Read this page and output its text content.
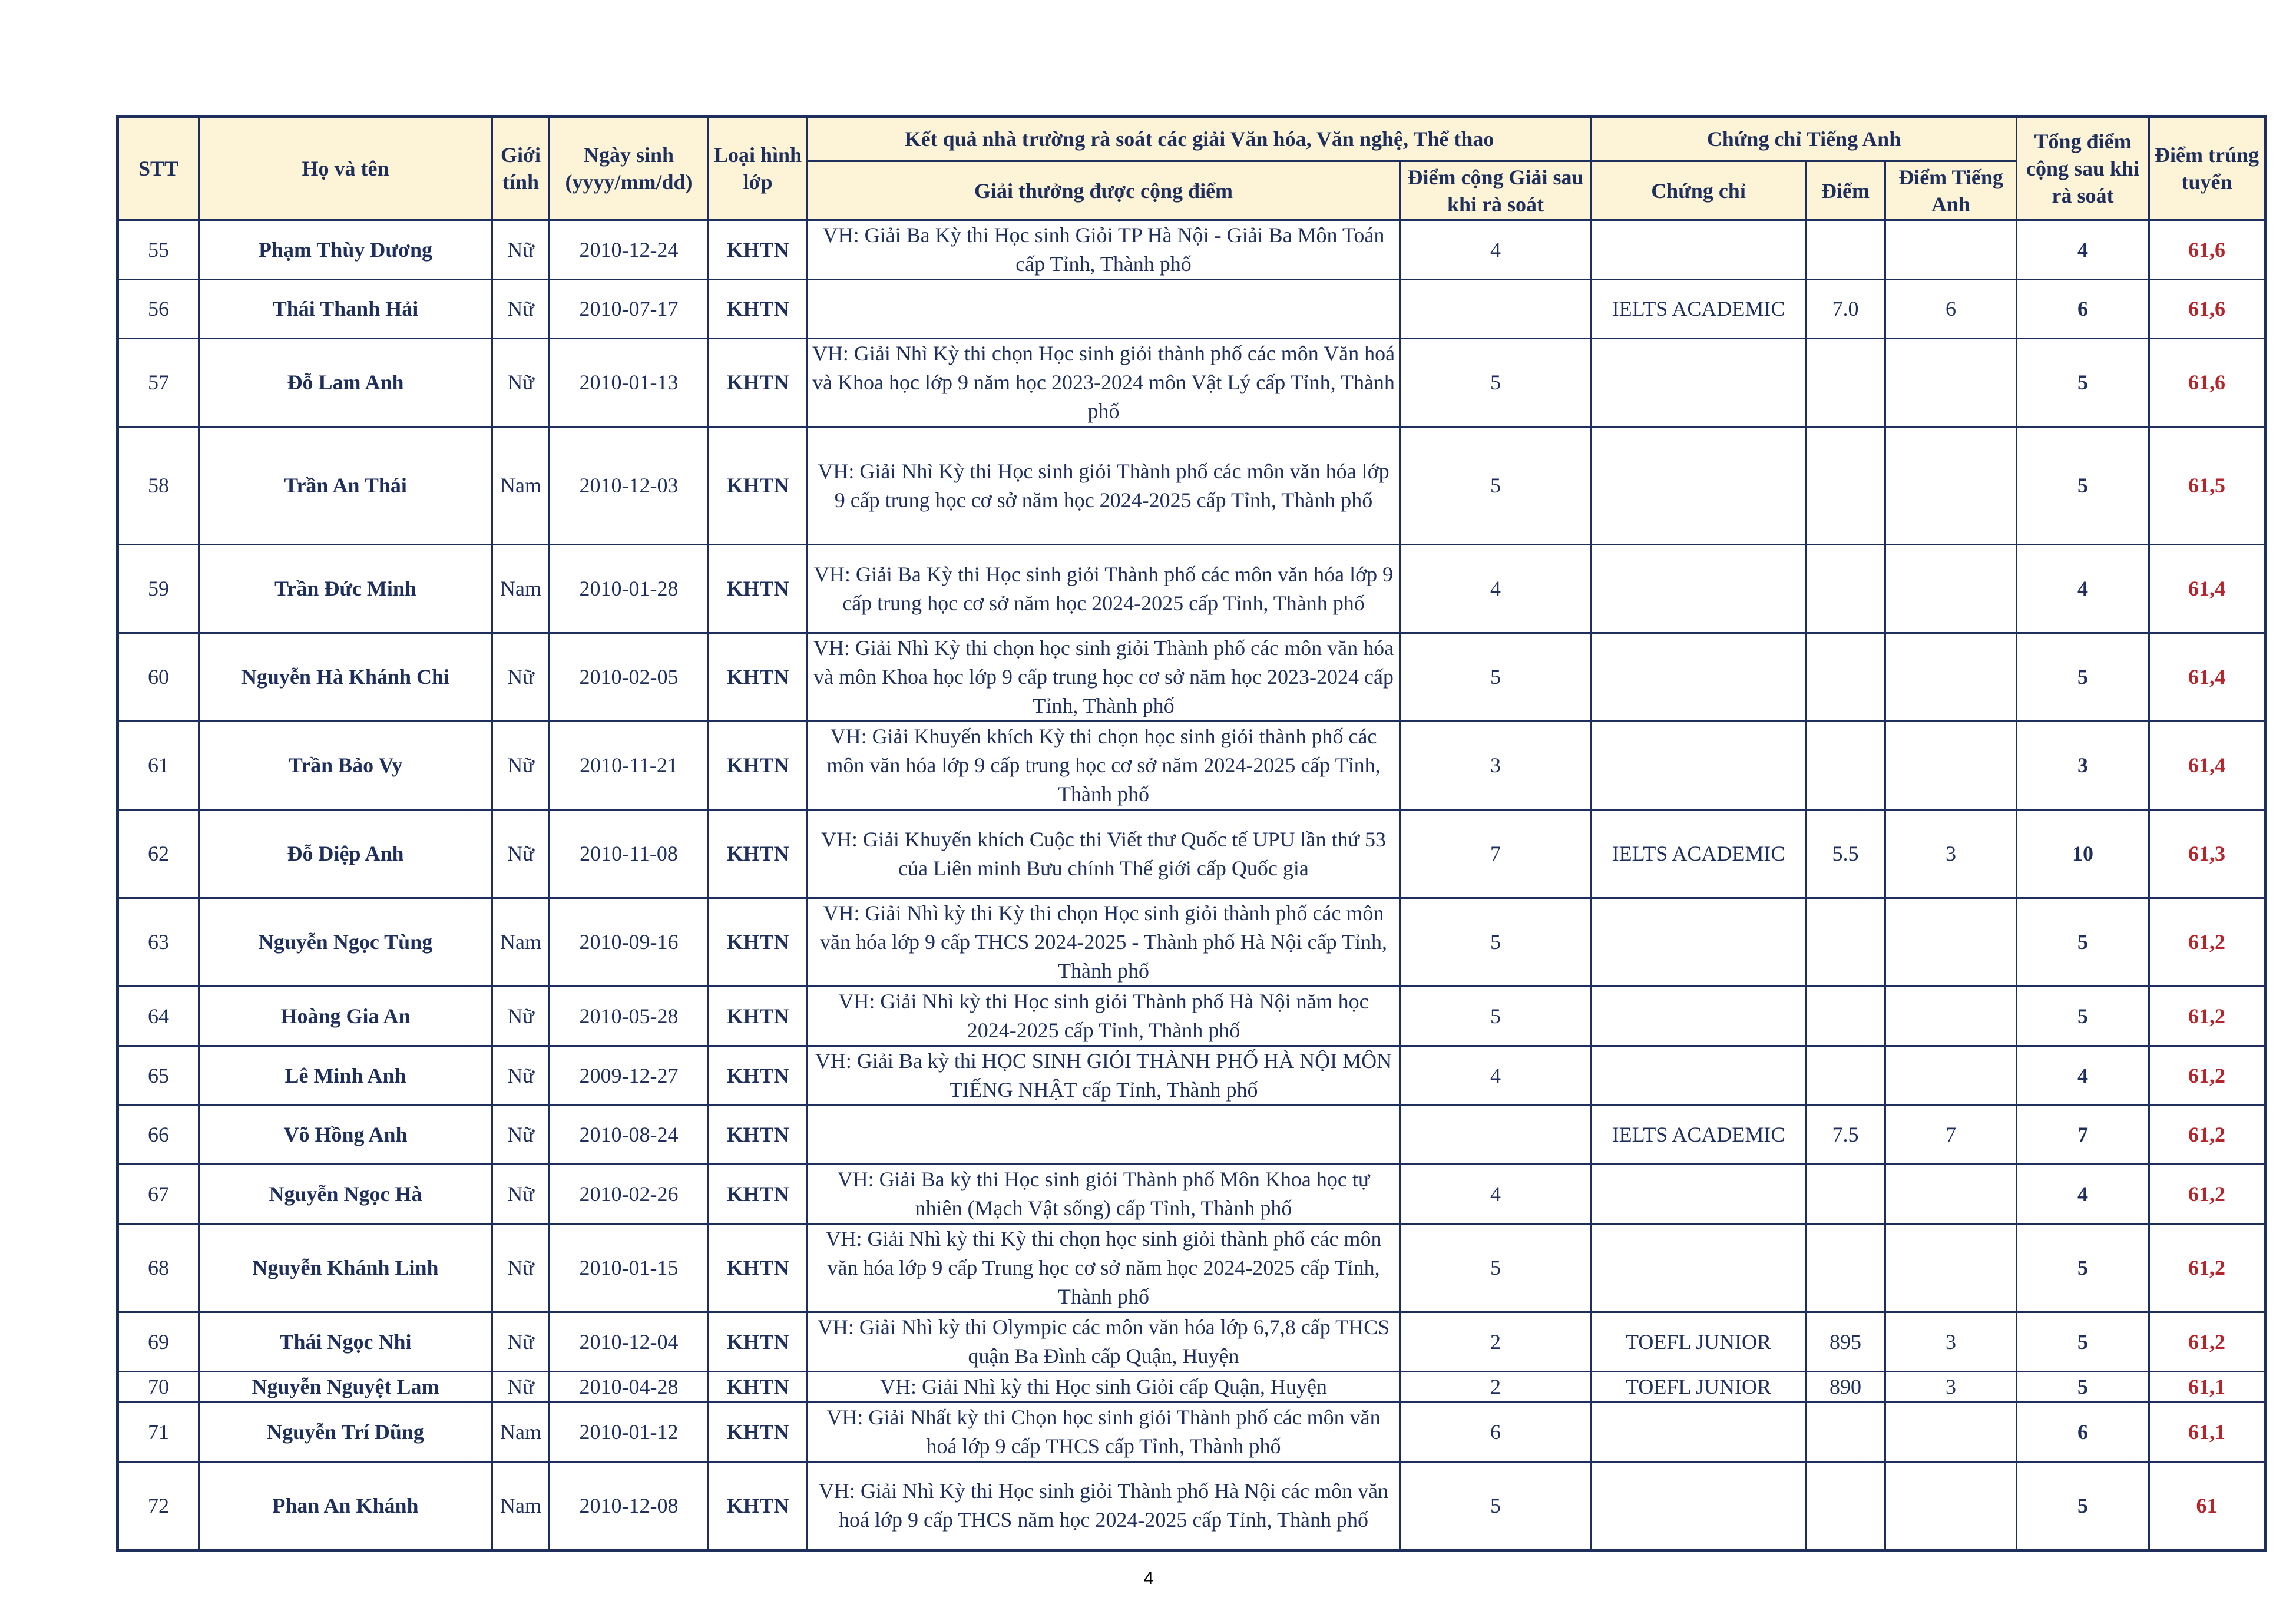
STT	Họ và tên	Giới tính	Ngày sinh (yyyy/mm/dd)	Loại hình lớp	Kết quả nhà trường rà soát các giải Văn hóa, Văn nghệ, Thể thao		Chứng chỉ Tiếng Anh			Tổng điểm cộng sau khi rà soát	Điểm trúng tuyển
					Giải thưởng được cộng điểm	Điểm cộng Giải sau khi rà soát	Chứng chỉ	Điểm	Điểm Tiếng Anh		
55	Phạm Thùy Dương	Nữ	2010-12-24	KHTN	VH: Giải Ba Kỳ thi Học sinh Giỏi TP Hà Nội - Giải Ba Môn Toán cấp Tỉnh, Thành phố	4				4	61,6
56	Thái Thanh Hải	Nữ	2010-07-17	KHTN			IELTS ACADEMIC	7.0	6	6	61,6
57	Đỗ Lam Anh	Nữ	2010-01-13	KHTN	VH: Giải Nhì Kỳ thi chọn Học sinh giỏi thành phố các môn Văn hoá và Khoa học lớp 9 năm học 2023-2024 môn Vật Lý cấp Tỉnh, Thành phố	5				5	61,6
58	Trần An Thái	Nam	2010-12-03	KHTN	VH: Giải Nhì Kỳ thi Học sinh giỏi Thành phố các môn văn hóa lớp 9 cấp trung học cơ sở năm học 2024-2025 cấp Tỉnh, Thành phố	5				5	61,5
59	Trần Đức Minh	Nam	2010-01-28	KHTN	VH: Giải Ba Kỳ thi Học sinh giỏi Thành phố các môn văn hóa lớp 9 cấp trung học cơ sở năm học 2024-2025 cấp Tỉnh, Thành phố	4				4	61,4
60	Nguyễn Hà Khánh Chi	Nữ	2010-02-05	KHTN	VH: Giải Nhì Kỳ thi chọn học sinh giỏi Thành phố các môn văn hóa và môn Khoa học lớp 9 cấp trung học cơ sở năm học 2023-2024 cấp Tỉnh, Thành phố	5				5	61,4
61	Trần Bảo Vy	Nữ	2010-11-21	KHTN	VH: Giải Khuyến khích Kỳ thi chọn học sinh giỏi thành phố các môn văn hóa lớp 9 cấp trung học cơ sở năm 2024-2025 cấp Tỉnh, Thành phố	3				3	61,4
62	Đỗ Diệp Anh	Nữ	2010-11-08	KHTN	VH: Giải Khuyến khích Cuộc thi Viết thư Quốc tế UPU lần thứ 53 của Liên minh Bưu chính Thế giới cấp Quốc gia	7	IELTS ACADEMIC	5.5	3	10	61,3
63	Nguyễn Ngọc Tùng	Nam	2010-09-16	KHTN	VH: Giải Nhì kỳ thi Kỳ thi chọn Học sinh giỏi thành phố các môn văn hóa lớp 9 cấp THCS 2024-2025 - Thành phố Hà Nội cấp Tỉnh, Thành phố	5				5	61,2
64	Hoàng Gia An	Nữ	2010-05-28	KHTN	VH: Giải Nhì kỳ thi Học sinh giỏi Thành phố Hà Nội năm học 2024-2025 cấp Tỉnh, Thành phố	5				5	61,2
65	Lê Minh Anh	Nữ	2009-12-27	KHTN	VH: Giải Ba kỳ thi HỌC SINH GIỎI THÀNH PHỐ HÀ NỘI MÔN TIẾNG NHẬT cấp Tỉnh, Thành phố	4				4	61,2
66	Võ Hồng Anh	Nữ	2010-08-24	KHTN			IELTS ACADEMIC	7.5	7	7	61,2
67	Nguyễn Ngọc Hà	Nữ	2010-02-26	KHTN	VH: Giải Ba kỳ thi Học sinh giỏi Thành phố Môn Khoa học tự nhiên (Mạch Vật sống) cấp Tỉnh, Thành phố	4				4	61,2
68	Nguyễn Khánh Linh	Nữ	2010-01-15	KHTN	VH: Giải Nhì kỳ thi Kỳ thi chọn học sinh giỏi thành phố các môn văn hóa lớp 9 cấp Trung học cơ sở năm học 2024-2025 cấp Tỉnh, Thành phố	5				5	61,2
69	Thái Ngọc Nhi	Nữ	2010-12-04	KHTN	VH: Giải Nhì kỳ thi Olympic các môn văn hóa lớp 6,7,8 cấp THCS quận Ba Đình cấp Quận, Huyện	2	TOEFL JUNIOR	895	3	5	61,2
70	Nguyễn Nguyệt Lam	Nữ	2010-04-28	KHTN	VH: Giải Nhì kỳ thi Học sinh Giỏi cấp Quận, Huyện	2	TOEFL JUNIOR	890	3	5	61,1
71	Nguyễn Trí Dũng	Nam	2010-01-12	KHTN	VH: Giải Nhất kỳ thi Chọn học sinh giỏi Thành phố các môn văn hoá lớp 9 cấp THCS cấp Tỉnh, Thành phố	6				6	61,1
72	Phan An Khánh	Nam	2010-12-08	KHTN	VH: Giải Nhì Kỳ thi Học sinh giỏi Thành phố Hà Nội các môn văn hoá lớp 9 cấp THCS năm học 2024-2025 cấp Tỉnh, Thành phố	5				5	61
4
